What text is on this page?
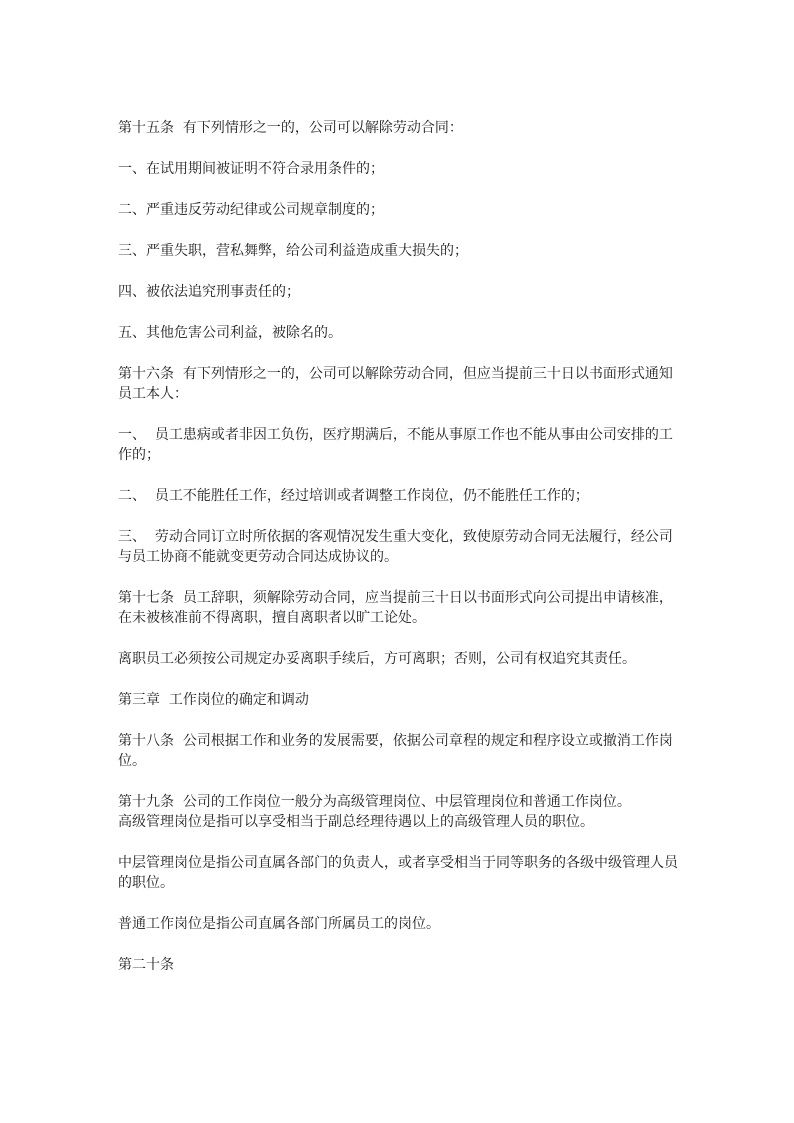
第十五条  有下列情形之一的，公司可以解除劳动合同：

一、在试用期间被证明不符合录用条件的；

二、严重违反劳动纪律或公司规章制度的；

三、严重失职，营私舞弊，给公司利益造成重大损失的；

四、被依法追究刑事责任的；

五、其他危害公司利益，被除名的。

第十六条  有下列情形之一的，公司可以解除劳动合同，但应当提前三十日以书面形式通知员工本人：

一、  员工患病或者非因工负伤，医疗期满后，不能从事原工作也不能从事由公司安排的工作的；

二、  员工不能胜任工作，经过培训或者调整工作岗位，仍不能胜任工作的；

三、  劳动合同订立时所依据的客观情况发生重大变化，致使原劳动合同无法履行，经公司与员工协商不能就变更劳动合同达成协议的。

第十七条  员工辞职，须解除劳动合同，应当提前三十日以书面形式向公司提出申请核准，在未被核准前不得离职，擅自离职者以旷工论处。

离职员工必须按公司规定办妥离职手续后，方可离职；否则，公司有权追究其责任。

第三章  工作岗位的确定和调动

第十八条  公司根据工作和业务的发展需要，依据公司章程的规定和程序设立或撤消工作岗位。

第十九条  公司的工作岗位一般分为高级管理岗位、中层管理岗位和普通工作岗位。

高级管理岗位是指可以享受相当于副总经理待遇以上的高级管理人员的职位。

中层管理岗位是指公司直属各部门的负责人，或者享受相当于同等职务的各级中级管理人员的职位。

普通工作岗位是指公司直属各部门所属员工的岗位。

第二十条
